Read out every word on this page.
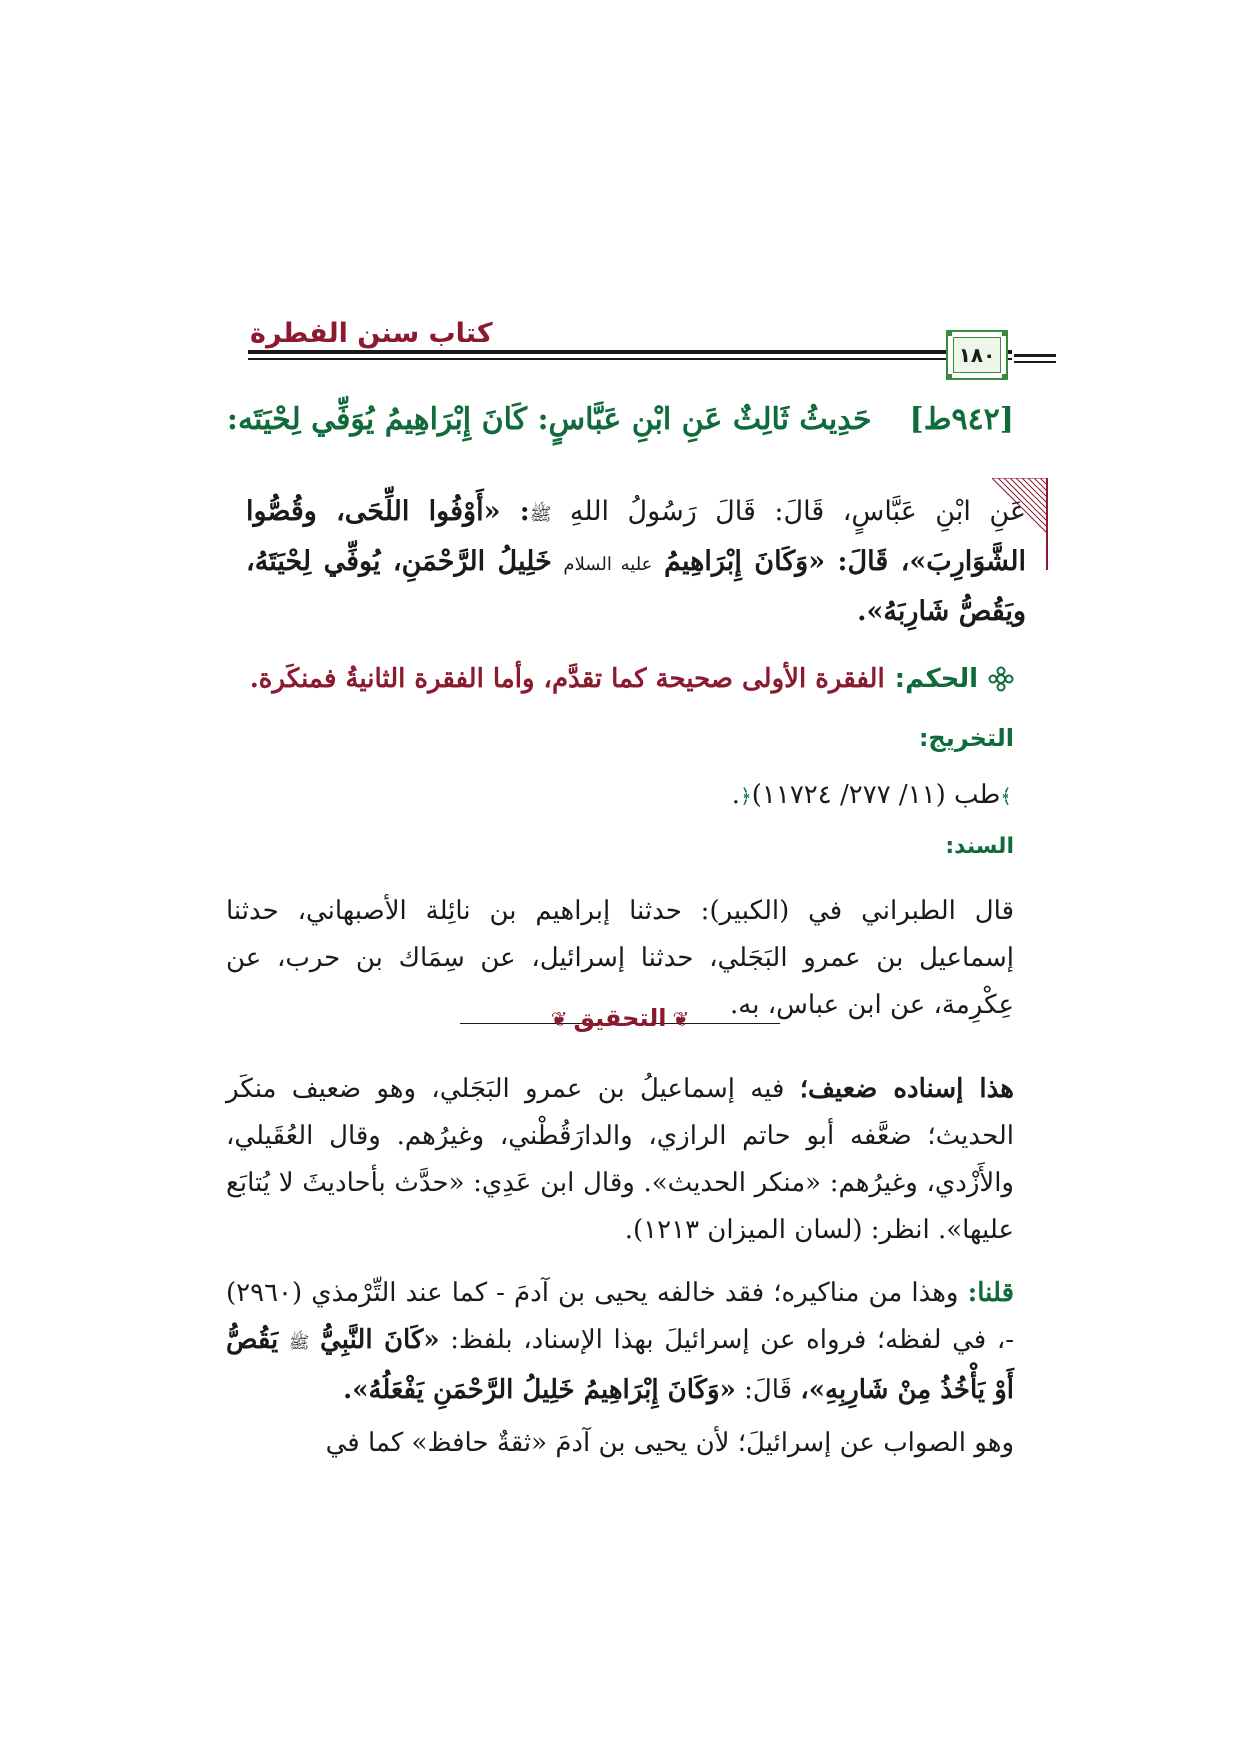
كتاب سنن الفطرة
١٨٠
[٩٤٢ط]حَدِيثُ ثَالِثٌ عَنِ ابْنِ عَبَّاسٍ: كَانَ إِبْرَاهِيمُ يُوَفِّي لِحْيَتَه:
عَنِ ابْنِ عَبَّاسٍ، قَالَ: قَالَ رَسُولُ اللهِ ﷺ: «أَوْفُوا اللِّحَى، وقُصُّوا الشَّوَارِبَ»، قَالَ: «وَكَانَ إِبْرَاهِيمُ عليه السلام خَلِيلُ الرَّحْمَنِ، يُوفِّي لِحْيَتَهُ، ويَقُصُّ شَارِبَهُ».
الحكم:
الفقرة الأولى صحيحة كما تقدَّم، وأما الفقرة الثانيةُ فمنكَرة.
التخريج:
﴾طب (١١/ ٢٧٧/ ١١٧٢٤)﴿.
السند:
قال الطبراني في (الكبير): حدثنا إبراهيم بن نائِلة الأصبهاني، حدثنا إسماعيل بن عمرو البَجَلي، حدثنا إسرائيل، عن سِمَاك بن حرب، عن عِكْرِمة، عن ابن عباس، به.
❦ التحقيق ❦
هذا إسناده ضعيف؛ فيه إسماعيلُ بن عمرو البَجَلي، وهو ضعيف منكَر الحديث؛ ضعَّفه أبو حاتم الرازي، والدارَقُطْني، وغيرُهم. وقال العُقَيلي، والأَزْدي، وغيرُهم: «منكر الحديث». وقال ابن عَدِي: «حدَّث بأحاديثَ لا يُتابَع عليها». انظر: (لسان الميزان ١٢١٣).
قلنا: وهذا من مناكيره؛ فقد خالفه يحيى بن آدمَ - كما عند التِّرْمذي (٢٩٦٠) -، في لفظه؛ فرواه عن إسرائيلَ بهذا الإسناد، بلفظ: «كَانَ النَّبِيُّ ﷺ يَقُصُّ أَوْ يَأْخُذُ مِنْ شَارِبِهِ»، قَالَ: «وَكَانَ إِبْرَاهِيمُ خَلِيلُ الرَّحْمَنِ يَفْعَلُهُ».
وهو الصواب عن إسرائيلَ؛ لأن يحيى بن آدمَ «ثقةٌ حافظ» كما في
